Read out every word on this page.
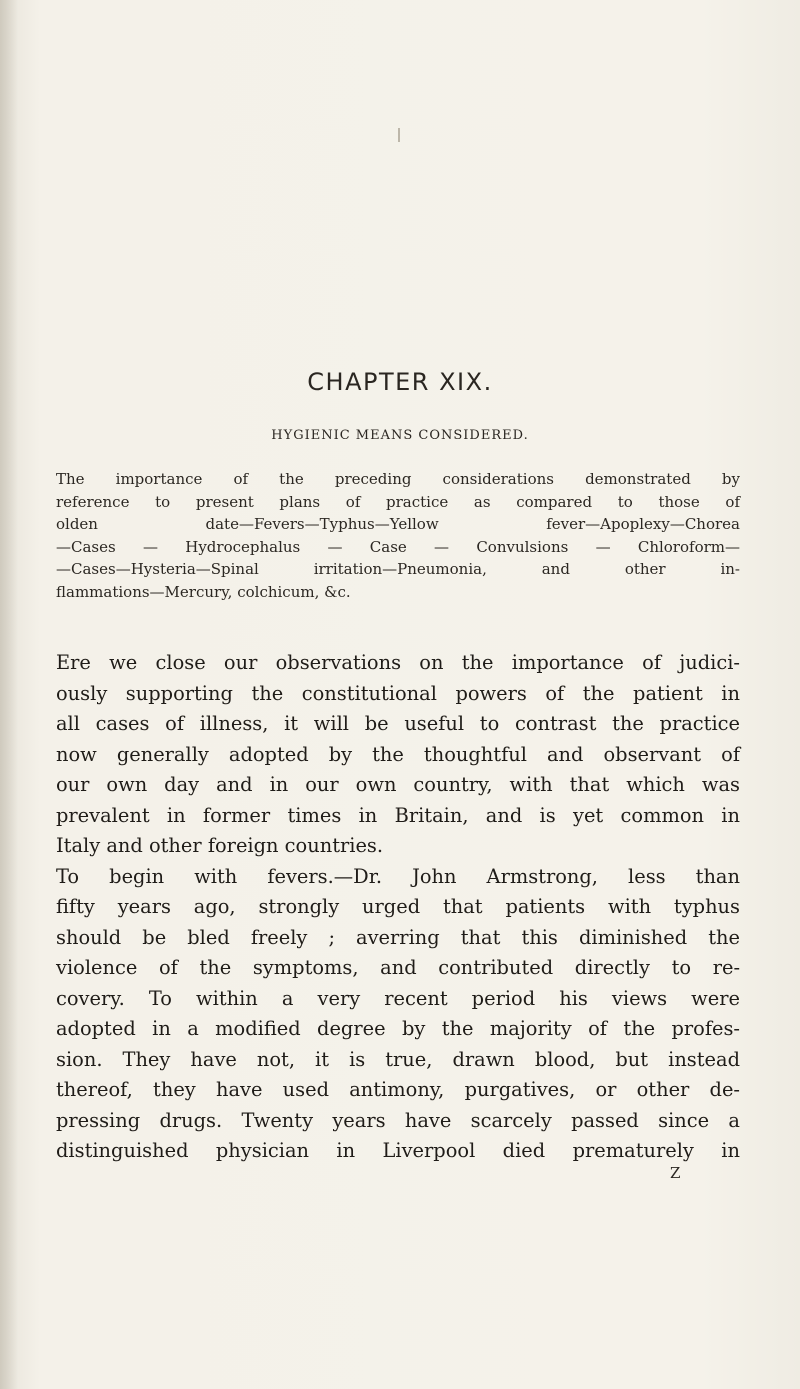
CHAPTER XIX.
HYGIENIC MEANS CONSIDERED.
The importance of the preceding considerations demonstrated by
reference to present plans of practice as compared to those of
olden date—Fevers—Typhus—Yellow fever—Apoplexy—Chorea
—Cases — Hydrocephalus — Case — Convulsions — Chloroform—
—Cases—Hysteria—Spinal irritation—Pneumonia, and other in-
flammations—Mercury, colchicum, &c.
Ere we close our observations on the importance of judici-
ously supporting the constitutional powers of the patient in
all cases of illness, it will be useful to contrast the practice
now generally adopted by the thoughtful and observant of
our own day and in our own country, with that which was
prevalent in former times in Britain, and is yet common in
Italy and other foreign countries.
To begin with fevers.—Dr. John Armstrong, less than
fifty years ago, strongly urged that patients with typhus
should be bled freely ; averring that this diminished the
violence of the symptoms, and contributed directly to re-
covery. To within a very recent period his views were
adopted in a modified degree by the majority of the profes-
sion. They have not, it is true, drawn blood, but instead
thereof, they have used antimony, purgatives, or other de-
pressing drugs. Twenty years have scarcely passed since a
distinguished physician in Liverpool died prematurely in
Z
